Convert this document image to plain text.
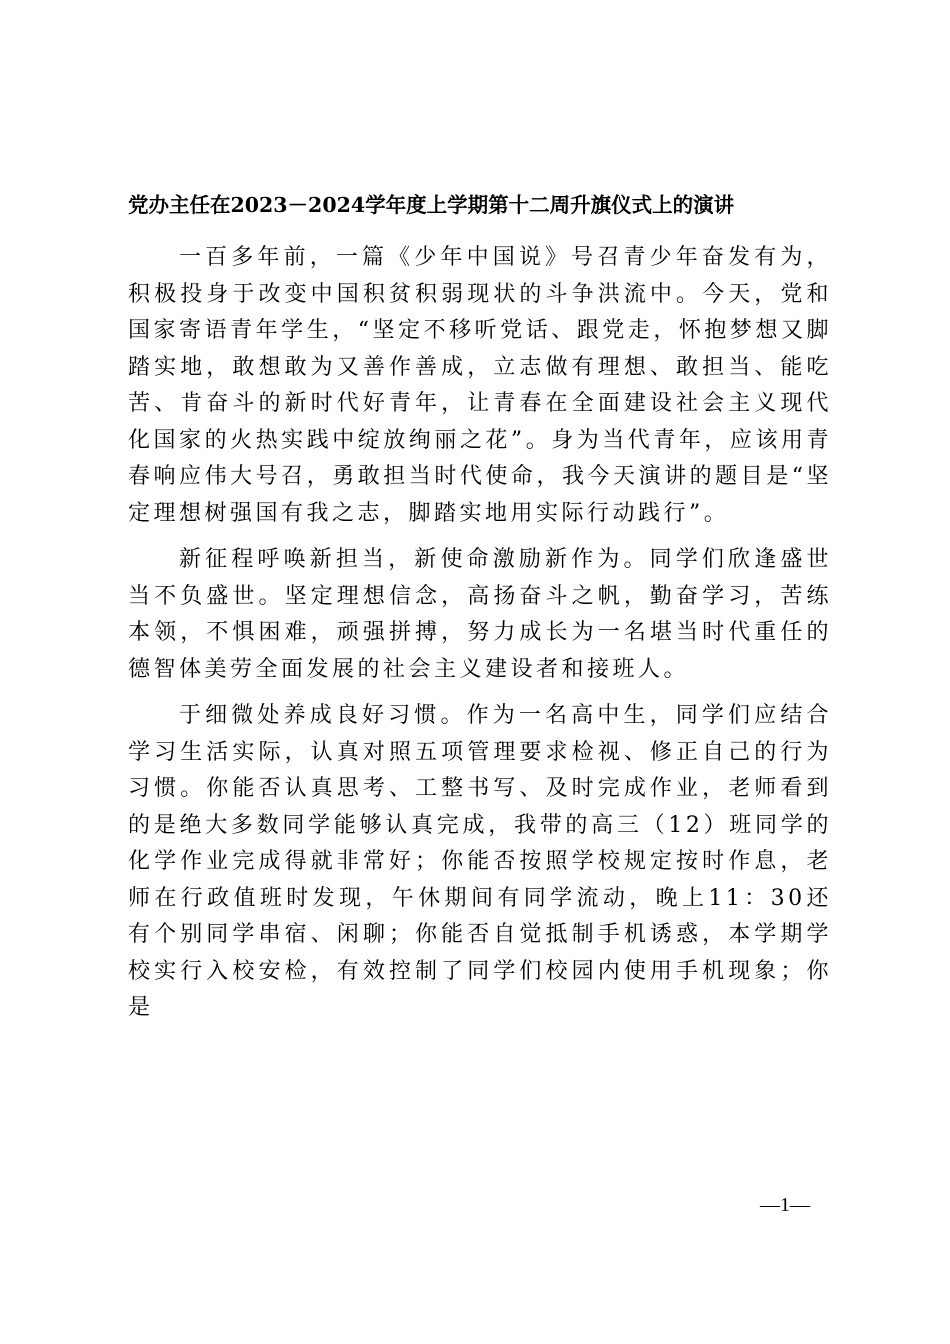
党办主任在2023－2024学年度上学期第十二周升旗仪式上的演讲

一百多年前，一篇《少年中国说》号召青少年奋发有为，积极投身于改变中国积贫积弱现状的斗争洪流中。今天，党和国家寄语青年学生，“坚定不移听党话、跟党走，怀抱梦想又脚踏实地，敢想敢为又善作善成，立志做有理想、敢担当、能吃苦、肯奋斗的新时代好青年，让青春在全面建设社会主义现代化国家的火热实践中绽放绚丽之花”。身为当代青年，应该用青春响应伟大号召，勇敢担当时代使命，我今天演讲的题目是“坚定理想树强国有我之志，脚踏实地用实际行动践行”。

新征程呼唤新担当，新使命激励新作为。同学们欣逢盛世当不负盛世。坚定理想信念，高扬奋斗之帆，勤奋学习，苦练本领，不惧困难，顽强拼搏，努力成长为一名堪当时代重任的德智体美劳全面发展的社会主义建设者和接班人。

于细微处养成良好习惯。作为一名高中生，同学们应结合学习生活实际，认真对照五项管理要求检视、修正自己的行为习惯。你能否认真思考、工整书写、及时完成作业，老师看到的是绝大多数同学能够认真完成，我带的高三（12）班同学的化学作业完成得就非常好；你能否按照学校规定按时作息，老师在行政值班时发现，午休期间有同学流动，晚上11：30还有个别同学串宿、闲聊；你能否自觉抵制手机诱惑，本学期学校实行入校安检，有效控制了同学们校园内使用手机现象；你是

—1—
